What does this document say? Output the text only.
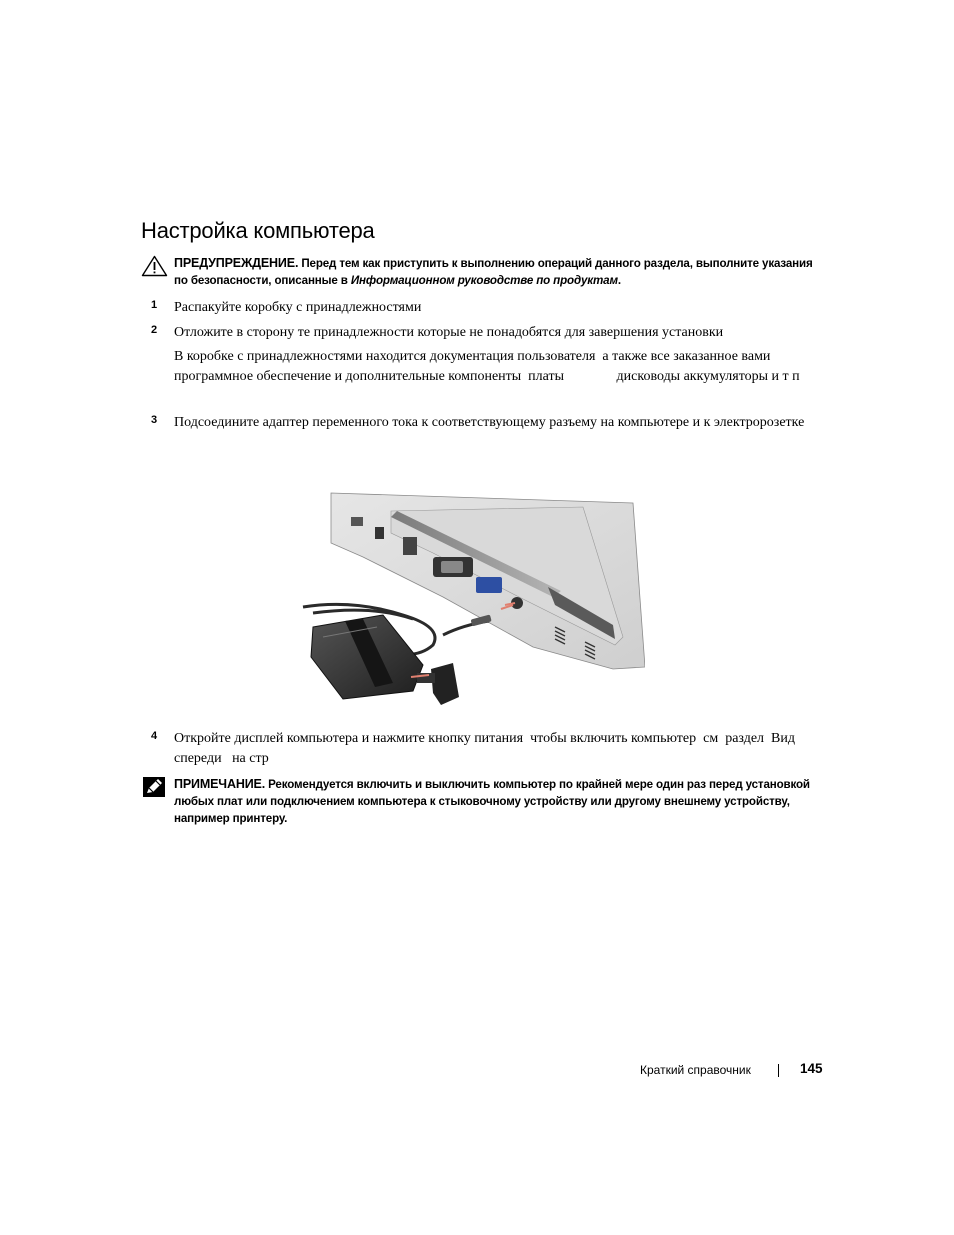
Настройка компьютера
ПРЕДУПРЕЖДЕНИЕ. Перед тем как приступить к выполнению операций данного раздела, выполните указания по безопасности, описанные в Информационном руководстве по продуктам.
1 Распакуйте коробку с принадлежностями
2 Отложите в сторону те принадлежности которые не понадобятся для завершения установки
В коробке с принадлежностями находится документация пользователя  а также все заказанное вами программное обеспечение и дополнительные компоненты  платы               дисководы аккумуляторы и т п
3 Подсоедините адаптер переменного тока к соответствующему разъему на компьютере и к электророзетке
4 Откройте дисплей компьютера и нажмите кнопку питания  чтобы включить компьютер  см  раздел  Вид спереди   на стр
ПРИМЕЧАНИЕ. Рекомендуется включить и выключить компьютер по крайней мере один раз перед установкой любых плат или подключением компьютера к стыковочному устройству или другому внешнему устройству, например принтеру.
Краткий справочник	145
